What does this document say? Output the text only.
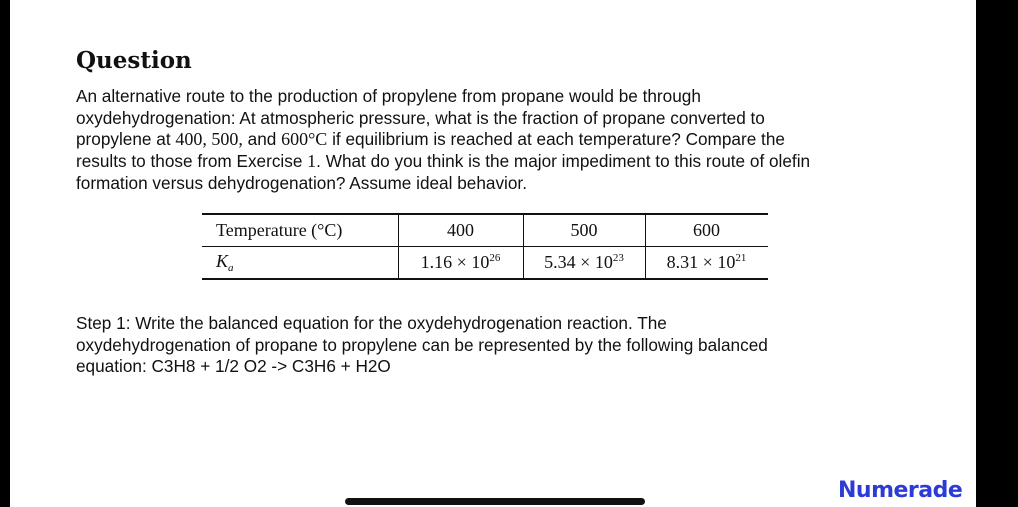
Question
An alternative route to the production of propylene from propane would be through
oxydehydrogenation: At atmospheric pressure, what is the fraction of propane converted to
propylene at 400, 500, and 600°C if equilibrium is reached at each temperature? Compare the
results to those from Exercise 1. What do you think is the major impediment to this route of olefin
formation versus dehydrogenation? Assume ideal behavior.
Temperature (°C)	400	500	600
$K_a$	$1.16 \times 10^{26}$	$5.34 \times 10^{23}$	$8.31 \times 10^{21}$
Step 1: Write the balanced equation for the oxydehydrogenation reaction. The
oxydehydrogenation of propane to propylene can be represented by the following balanced
equation: C3H8 + 1/2 O2 -> C3H6 + H2O
Numerade
